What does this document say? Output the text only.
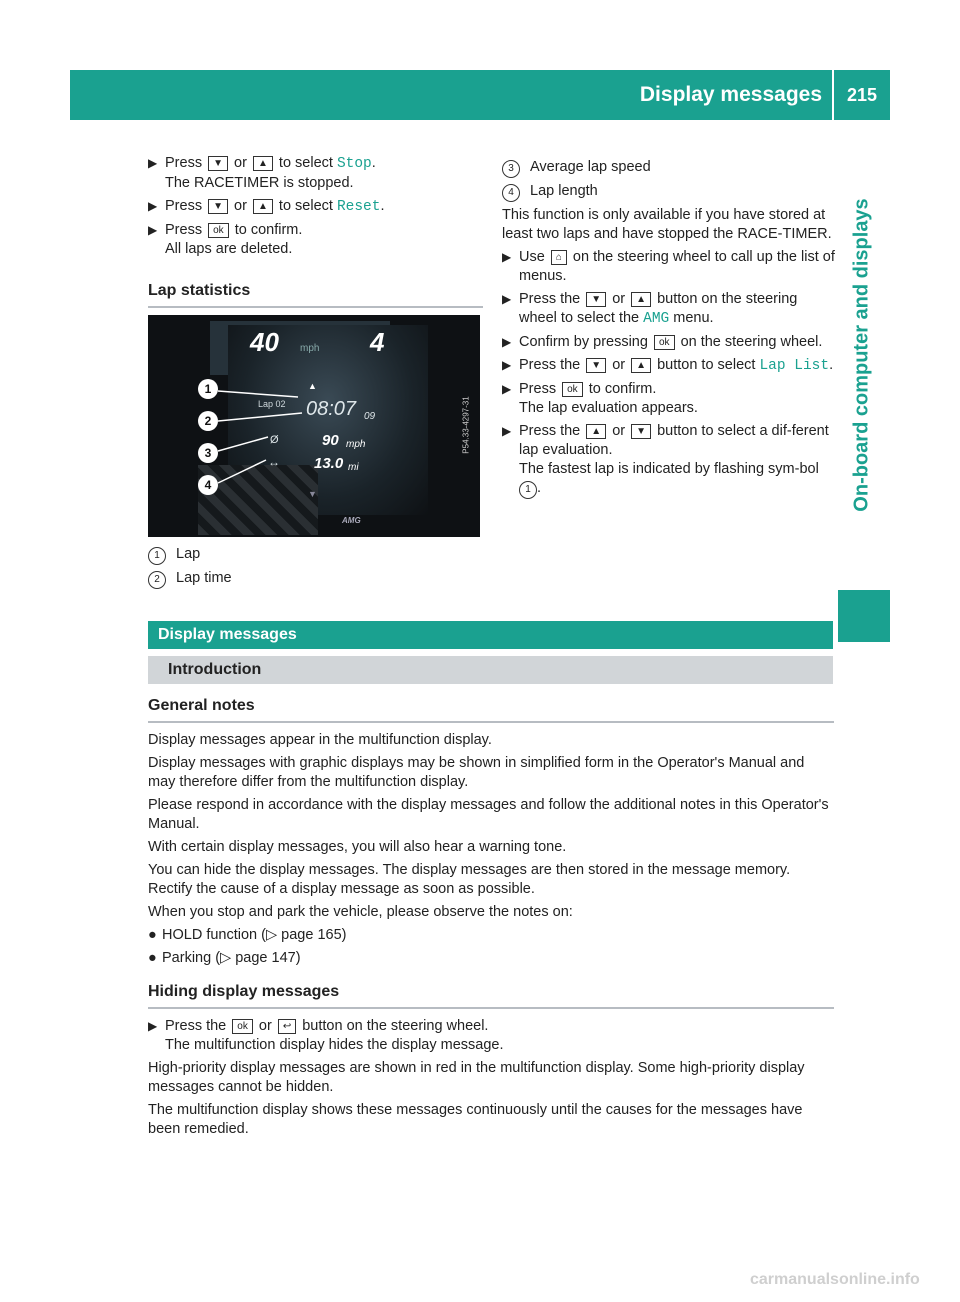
Display messages	215
On-board computer and displays
▶ Press ▼ or ▲ to select Stop.
The RACETIMER is stopped.
▶ Press ▼ or ▲ to select Reset.
▶ Press ok to confirm.
All laps are deleted.
Lap statistics
40 mph 4
▲
Lap 02 08:07 09
Ø	90 mph
↔ 13.0 mi
▼
AMG
1
2
3
4
P54.33-4297-31
1 Lap
2 Lap time
3 Average lap speed
4 Lap length

This function is only available if you have stored at least two laps and have stopped the RACE-TIMER.

▶ Use ⌂ on the steering wheel to call up the list of menus.
▶ Press the ▼ or ▲ button on the steering wheel to select the AMG menu.
▶ Confirm by pressing ok on the steering wheel.
▶ Press the ▼ or ▲ button to select Lap List.
▶ Press ok to confirm.
The lap evaluation appears.
▶ Press the ▲ or ▼ button to select a dif-ferent lap evaluation.
The fastest lap is indicated by flashing sym-bol 1 .
Display messages
Introduction
General notes

Display messages appear in the multifunction display.

Display messages with graphic displays may be shown in simplified form in the Operator's Manual and may therefore differ from the multifunction display.

Please respond in accordance with the display messages and follow the additional notes in this Operator's Manual.

With certain display messages, you will also hear a warning tone.

You can hide the display messages. The display messages are then stored in the message memory. Rectify the cause of a display message as soon as possible.

When you stop and park the vehicle, please observe the notes on:

● HOLD function (▷ page 165)
● Parking (▷ page 147)
Hiding display messages
▶ Press the ok or ↩ button on the steering wheel.
The multifunction display hides the display message.

High-priority display messages are shown in red in the multifunction display. Some high-priority display messages cannot be hidden.

The multifunction display shows these messages continuously until the causes for the messages have been remedied.

carmanualsonline.info
